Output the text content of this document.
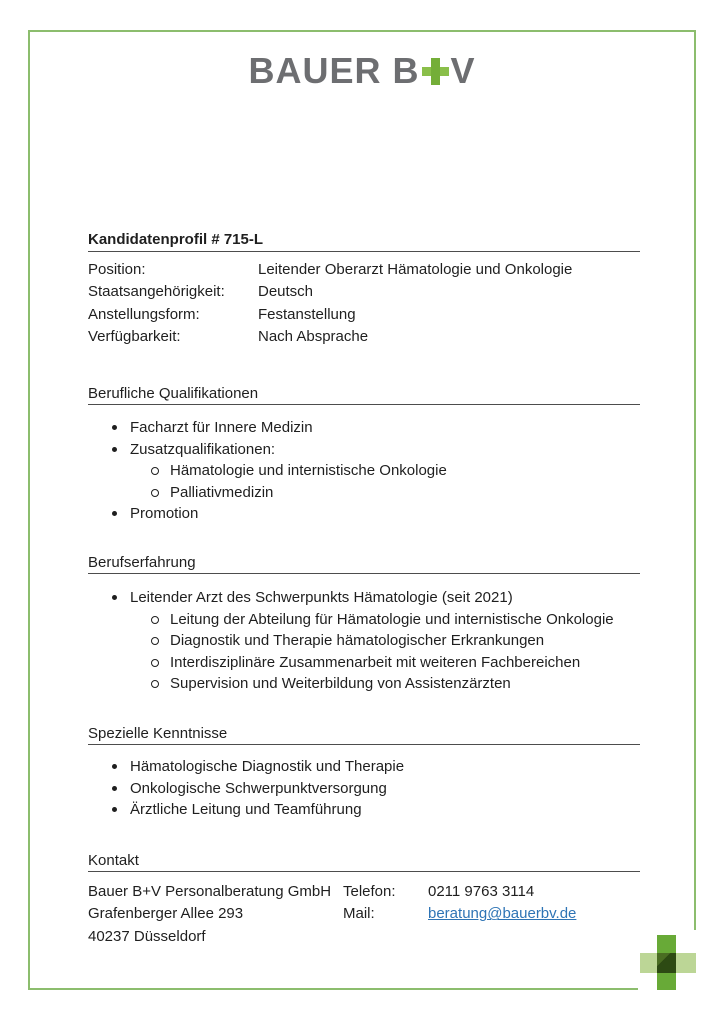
BAUER B V
Kandidatenprofil # 715-L
Position:	Leitender Oberarzt Hämatologie und Onkologie
Staatsangehörigkeit:	Deutsch
Anstellungsform:	Festanstellung
Verfügbarkeit:	Nach Absprache
Berufliche Qualifikationen
Facharzt für Innere Medizin
Zusatzqualifikationen:
Hämatologie und internistische Onkologie
Palliativmedizin
Promotion
Berufserfahrung
Leitender Arzt des Schwerpunkts Hämatologie (seit 2021)
Leitung der Abteilung für Hämatologie und internistische Onkologie
Diagnostik und Therapie hämatologischer Erkrankungen
Interdisziplinäre Zusammenarbeit mit weiteren Fachbereichen
Supervision und Weiterbildung von Assistenzärzten
Spezielle Kenntnisse
Hämatologische Diagnostik und Therapie
Onkologische Schwerpunktversorgung
Ärztliche Leitung und Teamführung
Kontakt
Bauer B+V Personalberatung GmbH
Grafenberger Allee 293
40237 Düsseldorf
Telefon:	0211 9763 3114
Mail:	beratung@bauerbv.de
